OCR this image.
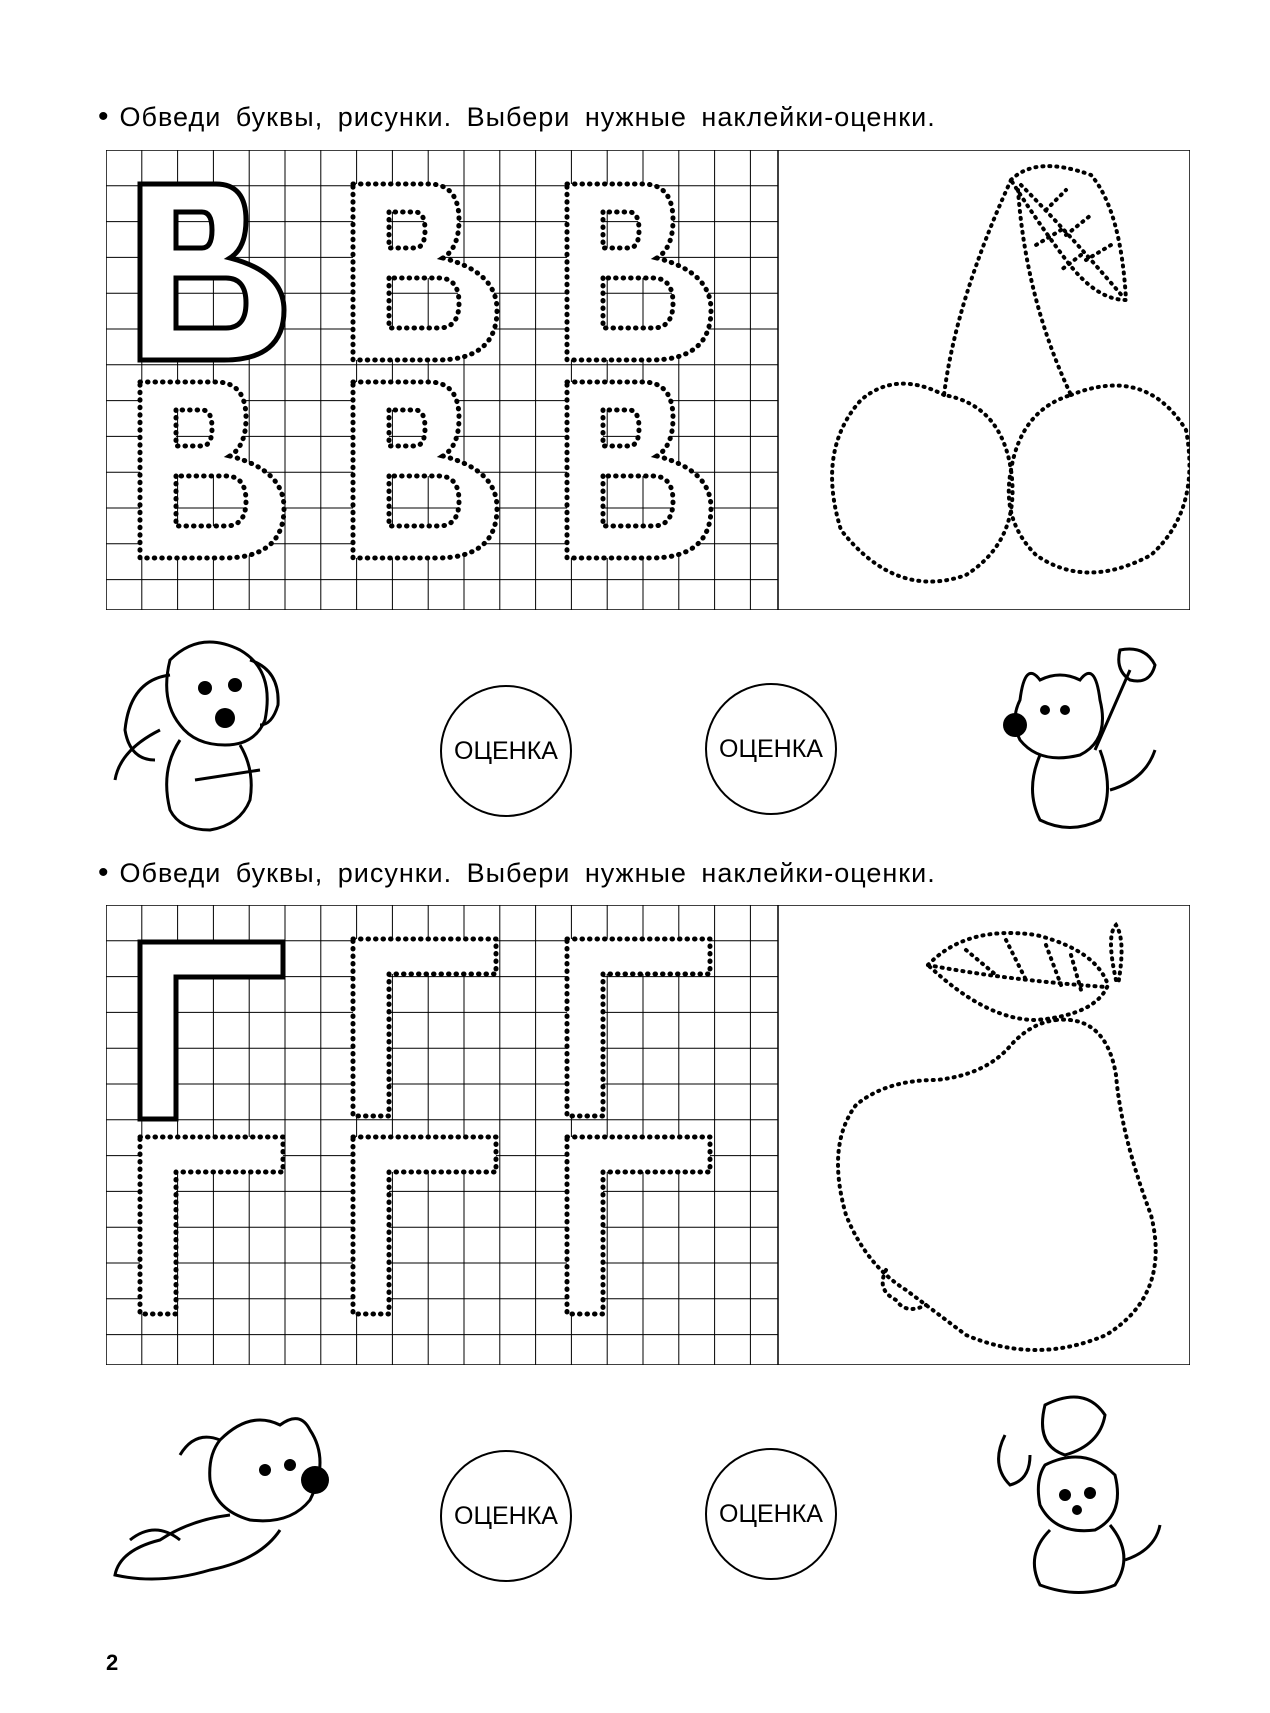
• Обведи буквы, рисунки. Выбери нужные наклейки-оценки.
ОЦЕНКА	ОЦЕНКА
• Обведи буквы, рисунки. Выбери нужные наклейки-оценки.
ОЦЕНКА	ОЦЕНКА
2
